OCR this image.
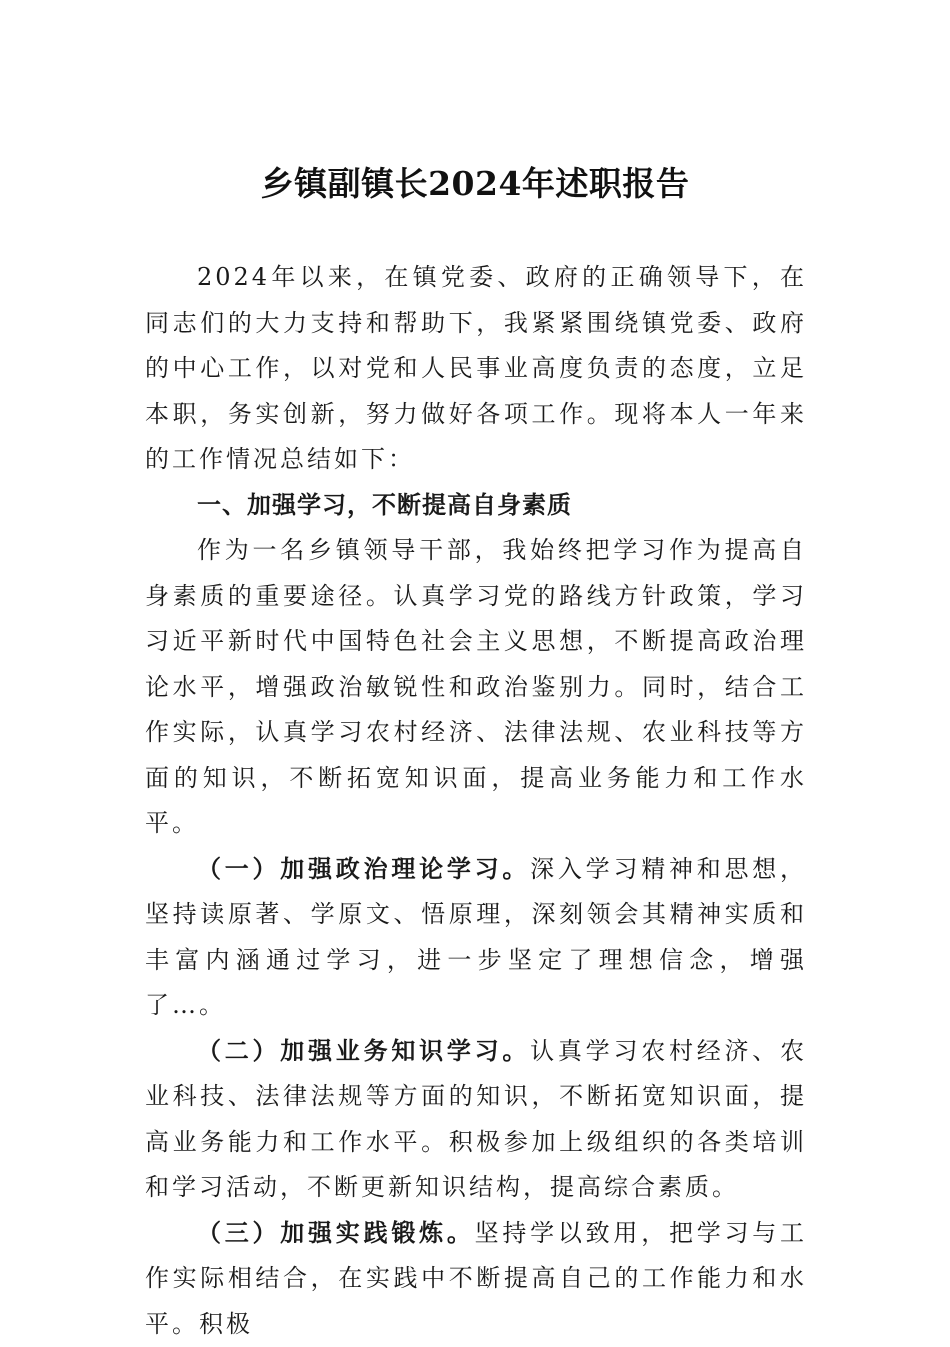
乡镇副镇长2024年述职报告

2024年以来，在镇党委、政府的正确领导下，在同志们的大力支持和帮助下，我紧紧围绕镇党委、政府的中心工作，以对党和人民事业高度负责的态度，立足本职，务实创新，努力做好各项工作。现将本人一年来的工作情况总结如下：

一、加强学习，不断提高自身素质

作为一名乡镇领导干部，我始终把学习作为提高自身素质的重要途径。认真学习党的路线方针政策，学习习近平新时代中国特色社会主义思想，不断提高政治理论水平，增强政治敏锐性和政治鉴别力。同时，结合工作实际，认真学习农村经济、法律法规、农业科技等方面的知识，不断拓宽知识面，提高业务能力和工作水平。

（一）加强政治理论学习。深入学习精神和思想，坚持读原著、学原文、悟原理，深刻领会其精神实质和丰富内涵通过学习，进一步坚定了理想信念，增强了…。

（二）加强业务知识学习。认真学习农村经济、农业科技、法律法规等方面的知识，不断拓宽知识面，提高业务能力和工作水平。积极参加上级组织的各类培训和学习活动，不断更新知识结构，提高综合素质。

（三）加强实践锻炼。坚持学以致用，把学习与工作实际相结合，在实践中不断提高自己的工作能力和水平。积极
